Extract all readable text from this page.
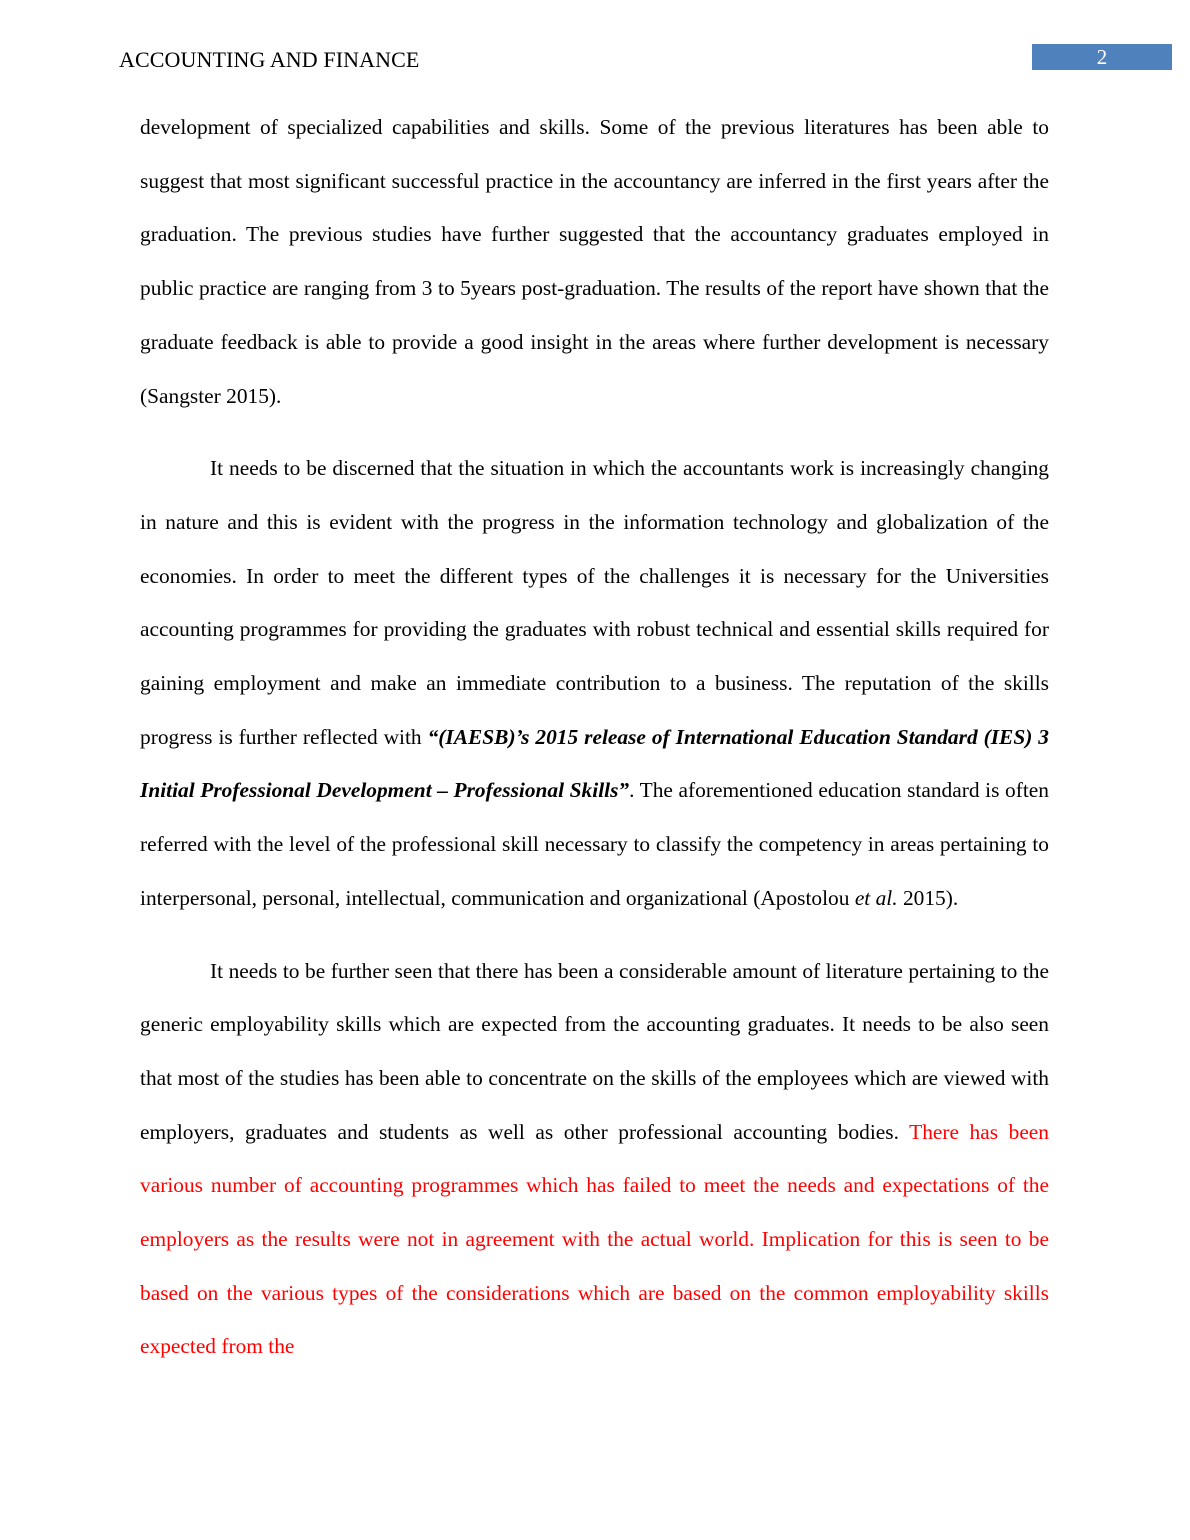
ACCOUNTING AND FINANCE	2

development of specialized capabilities and skills. Some of the previous literatures has been able to suggest that most significant successful practice in the accountancy are inferred in the first years after the graduation. The previous studies have further suggested that the accountancy graduates employed in public practice are ranging from 3 to 5years post-graduation. The results of the report have shown that the graduate feedback is able to provide a good insight in the areas where further development is necessary (Sangster 2015).

It needs to be discerned that the situation in which the accountants work is increasingly changing in nature and this is evident with the progress in the information technology and globalization of the economies. In order to meet the different types of the challenges it is necessary for the Universities accounting programmes for providing the graduates with robust technical and essential skills required for gaining employment and make an immediate contribution to a business. The reputation of the skills progress is further reflected with “(IAESB)’s 2015 release of International Education Standard (IES) 3 Initial Professional Development – Professional Skills”. The aforementioned education standard is often referred with the level of the professional skill necessary to classify the competency in areas pertaining to interpersonal, personal, intellectual, communication and organizational (Apostolou et al. 2015).

It needs to be further seen that there has been a considerable amount of literature pertaining to the generic employability skills which are expected from the accounting graduates. It needs to be also seen that most of the studies has been able to concentrate on the skills of the employees which are viewed with employers, graduates and students as well as other professional accounting bodies. There has been various number of accounting programmes which has failed to meet the needs and expectations of the employers as the results were not in agreement with the actual world. Implication for this is seen to be based on the various types of the considerations which are based on the common employability skills expected from the
